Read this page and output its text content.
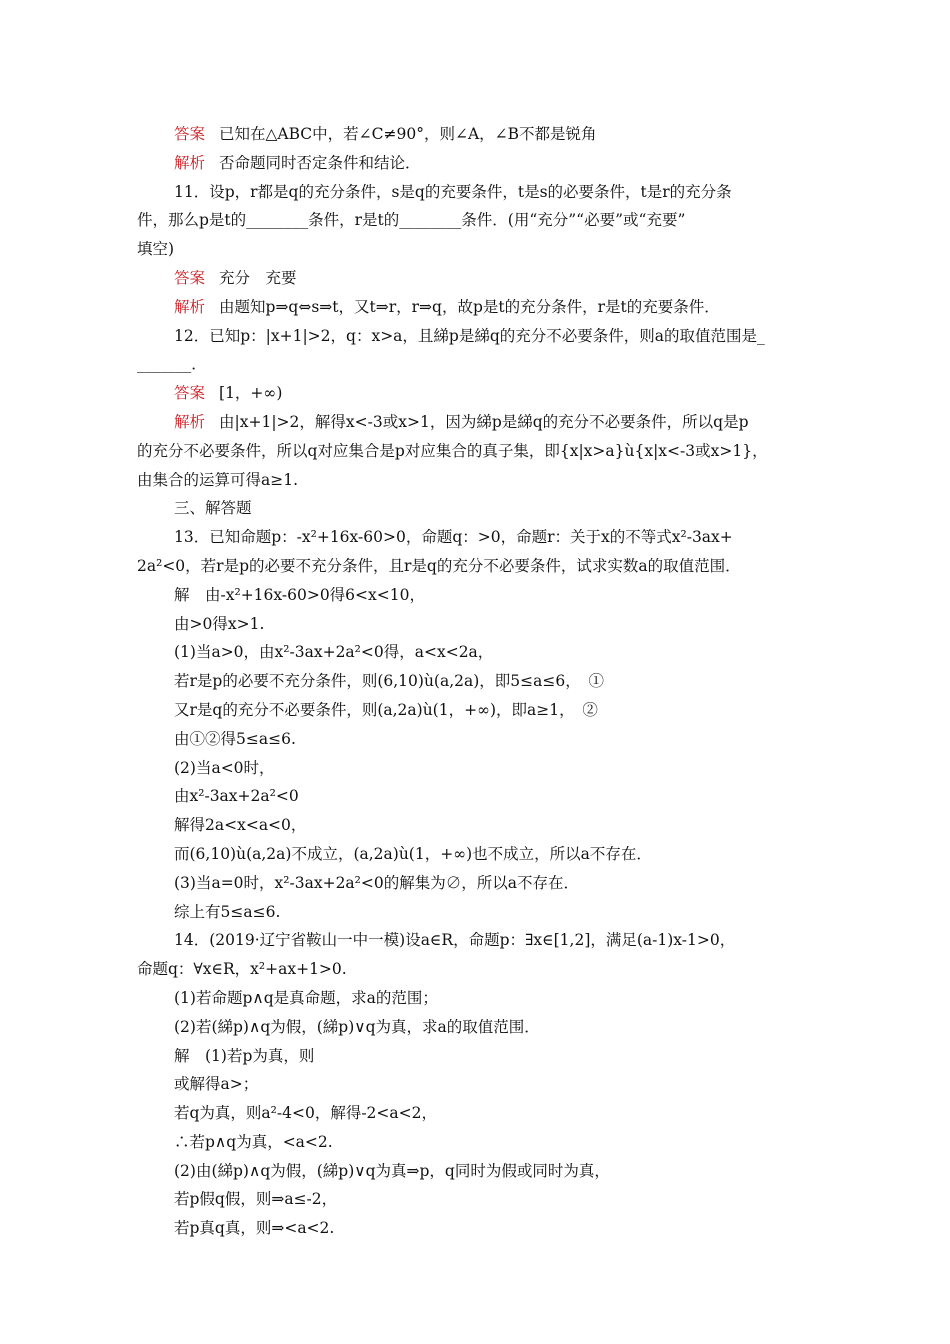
答案 已知在△ABC中，若∠C≠90°，则∠A，∠B不都是锐角
解析 否命题同时否定条件和结论．
11．设p，r都是q的充分条件，s是q的充要条件，t是s的必要条件，t是r的充分条
件，那么p是t的________条件，r是t的________条件．(用“充分”“必要”或“充要”
填空)
答案 充分　充要
解析 由题知p⇒q⇔s⇒t，又t⇒r，r⇒q，故p是t的充分条件，r是t的充要条件．
12．已知p：|x+1|>2，q：x>a，且綈p是綈q的充分不必要条件，则a的取值范围是_
_______．
答案 [1，+∞)
解析 由|x+1|>2，解得x<-3或x>1，因为綈p是綈q的充分不必要条件，所以q是p
的充分不必要条件，所以q对应集合是p对应集合的真子集，即{x|x>a}ù{x|x<-3或x>1}，
由集合的运算可得a≥1.
三、解答题
13．已知命题p：-x²+16x-60>0，命题q：>0，命题r：关于x的不等式x²-3ax+
2a²<0，若r是p的必要不充分条件，且r是q的充分不必要条件，试求实数a的取值范围．
解　由-x²+16x-60>0得6<x<10，
由>0得x>1.
(1)当a>0，由x²-3ax+2a²<0得，a<x<2a，
若r是p的必要不充分条件，则(6,10)ù(a,2a)，即5≤a≤6，　①
又r是q的充分不必要条件，则(a,2a)ù(1，+∞)，即a≥1，　②
由①②得5≤a≤6.
(2)当a<0时，
由x²-3ax+2a²<0
解得2a<x<a<0，
而(6,10)ù(a,2a)不成立，(a,2a)ù(1，+∞)也不成立，所以a不存在．
(3)当a=0时，x²-3ax+2a²<0的解集为∅，所以a不存在．
综上有5≤a≤6.
14．(2019·辽宁省鞍山一中一模)设a∈R，命题p：∃x∈[1,2]，满足(a-1)x-1>0，
命题q：∀x∈R，x²+ax+1>0.
(1)若命题p∧q是真命题，求a的范围；
(2)若(綈p)∧q为假，(綈p)∨q为真，求a的取值范围．
解　(1)若p为真，则
或解得a>；
若q为真，则a²-4<0，解得-2<a<2，
∴若p∧q为真，<a<2.
(2)由(綈p)∧q为假，(綈p)∨q为真⇒p，q同时为假或同时为真，
若p假q假，则⇒a≤-2，
若p真q真，则⇒<a<2.
